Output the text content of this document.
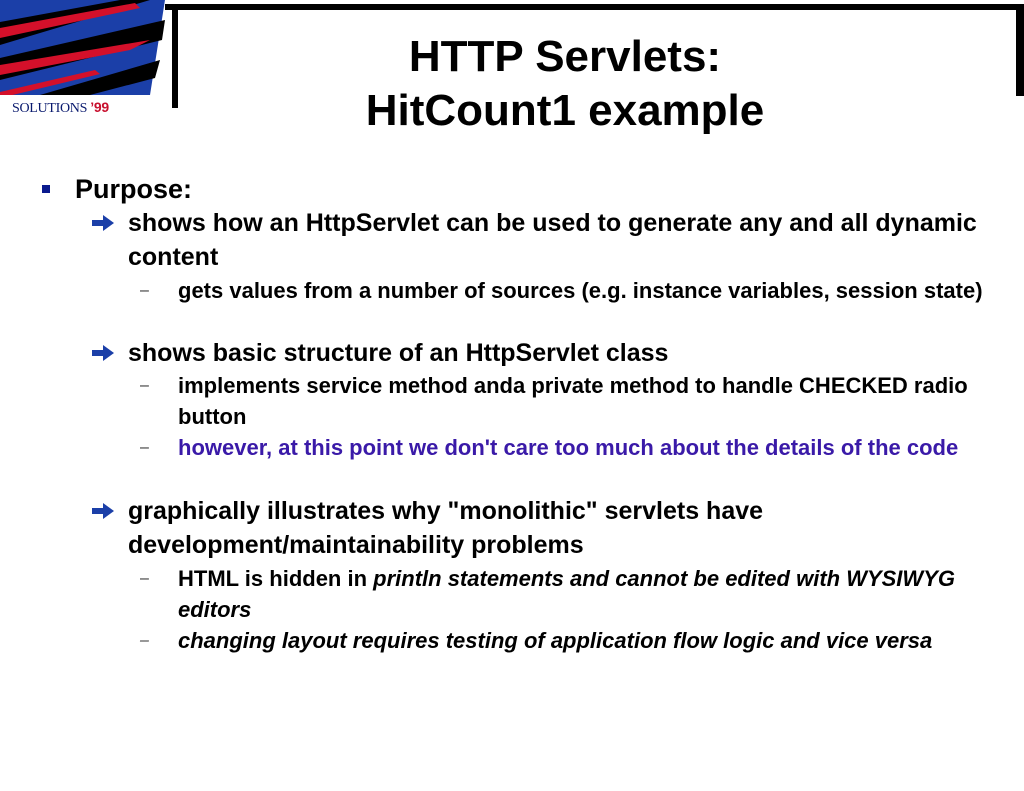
SOLUTIONS ’99
HTTP Servlets:
HitCount1 example
Purpose:
shows how an HttpServlet can be used to generate any and all dynamic content
– gets values from a number of sources (e.g. instance variables, session state)
shows basic structure of an HttpServlet class
– implements service method anda private method to handle CHECKED radio button
– however, at this point we don't care too much about the details of the code
graphically illustrates why "monolithic" servlets have development/maintainability problems
– HTML is hidden in println statements and cannot be edited with WYSIWYG editors
– changing layout requires testing of application flow logic and vice versa
